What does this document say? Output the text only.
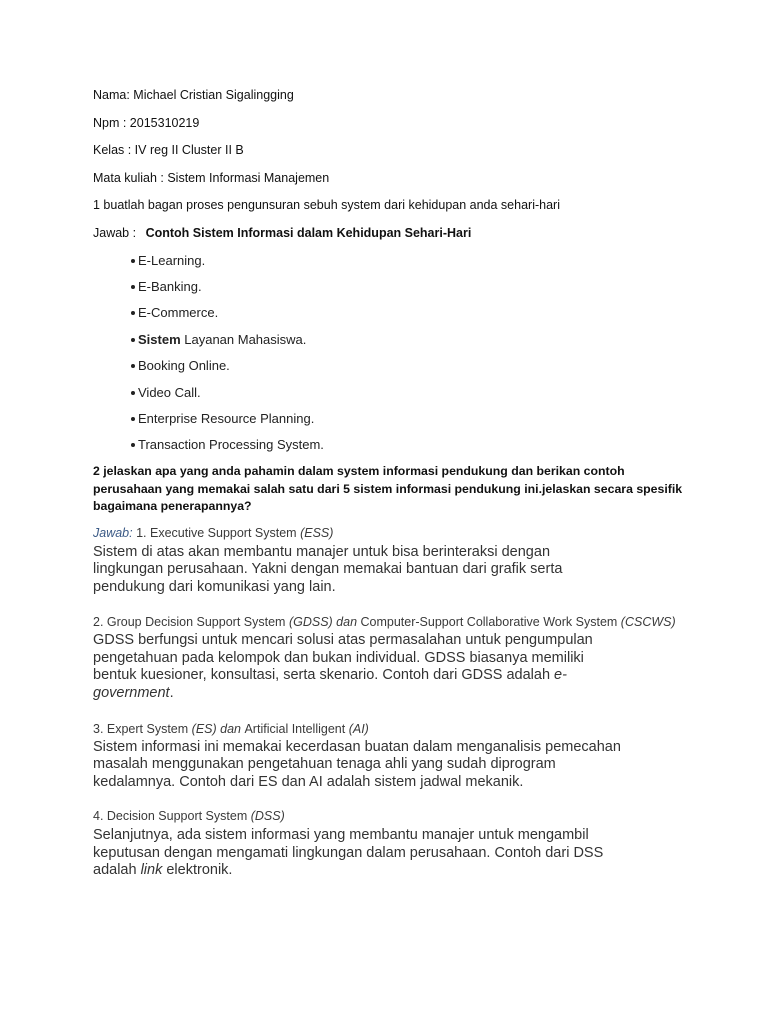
Nama: Michael Cristian Sigalingging
Npm : 2015310219
Kelas : IV reg II Cluster II B
Mata kuliah : Sistem Informasi Manajemen
1 buatlah bagan proses pengunsuran sebuh system dari kehidupan anda sehari-hari
Jawab : Contoh Sistem Informasi dalam Kehidupan Sehari-Hari
E-Learning.
E-Banking.
E-Commerce.
Sistem Layanan Mahasiswa.
Booking Online.
Video Call.
Enterprise Resource Planning.
Transaction Processing System.
2 jelaskan apa yang anda pahamin dalam system informasi pendukung dan berikan contoh
perusahaan yang memakai salah satu dari 5 sistem informasi pendukung ini.jelaskan secara spesifik
bagaimana penerapannya?
Jawab: 1. Executive Support System (ESS)
Sistem di atas akan membantu manajer untuk bisa berinteraksi dengan
lingkungan perusahaan. Yakni dengan memakai bantuan dari grafik serta
pendukung dari komunikasi yang lain.
2. Group Decision Support System (GDSS) dan Computer-Support Collaborative Work System (CSCWS)
GDSS berfungsi untuk mencari solusi atas permasalahan untuk pengumpulan
pengetahuan pada kelompok dan bukan individual. GDSS biasanya memiliki
bentuk kuesioner, konsultasi, serta skenario. Contoh dari GDSS adalah e-
government.
3. Expert System (ES) dan Artificial Intelligent (AI)
Sistem informasi ini memakai kecerdasan buatan dalam menganalisis pemecahan
masalah menggunakan pengetahuan tenaga ahli yang sudah diprogram
kedalamnya. Contoh dari ES dan AI adalah sistem jadwal mekanik.
4. Decision Support System (DSS)
Selanjutnya, ada sistem informasi yang membantu manajer untuk mengambil
keputusan dengan mengamati lingkungan dalam perusahaan. Contoh dari DSS
adalah link elektronik.
